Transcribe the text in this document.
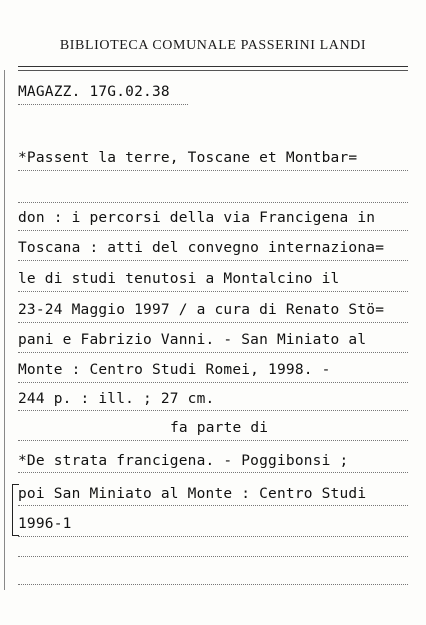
BIBLIOTECA COMUNALE PASSERINI LANDI
MAGAZZ. 17G.02.38
*Passent la terre, Toscane et Montbar=
don : i percorsi della via Francigena in
Toscana : atti del convegno internaziona=
le di studi tenutosi a Montalcino il
23-24 Maggio 1997 / a cura di Renato Stö=
pani e Fabrizio Vanni. - San Miniato al
Monte : Centro Studi Romei, 1998. -
244 p. : ill. ; 27 cm.
fa parte di
*De strata francigena. - Poggibonsi ;
poi San Miniato al Monte : Centro Studi
1996-1
